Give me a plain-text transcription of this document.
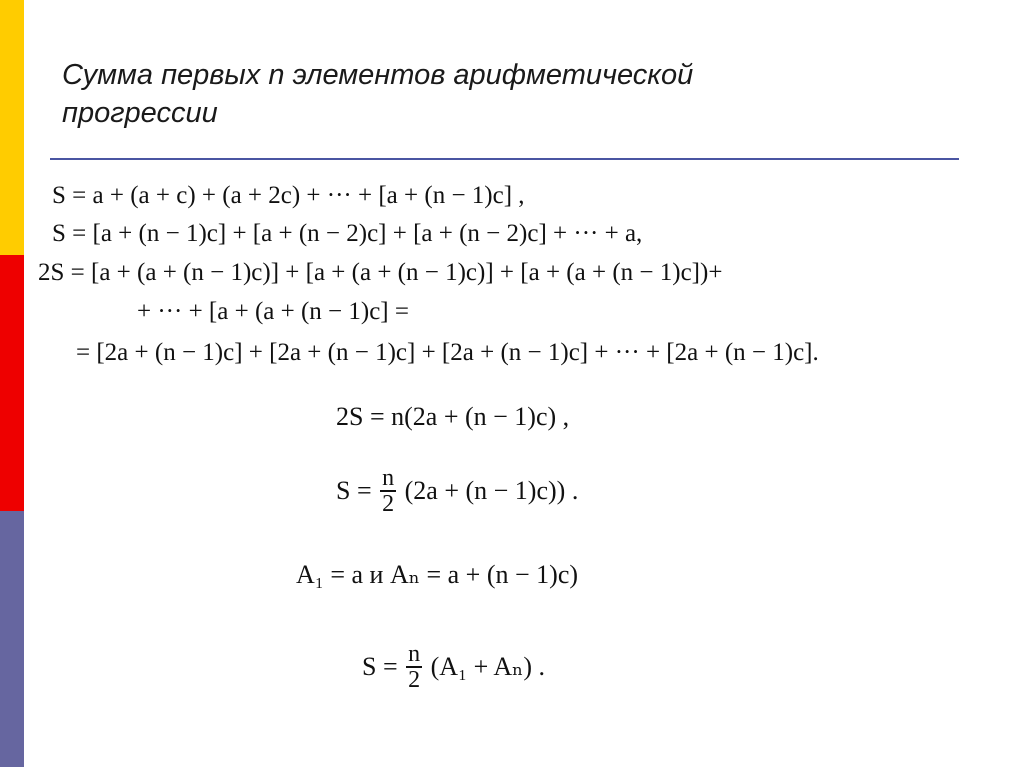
Сумма первых n элементов арифметической
прогрессии
S = a + (a + c) + (a + 2c) + ··· + [a + (n − 1)c] ,
S = [a + (n − 1)c] + [a + (n − 2)c] + [a + (n − 2)c] + ··· + a,
2S = [a + (a + (n − 1)c)] + [a + (a + (n − 1)c)] + [a + (a + (n − 1)c])+
+ ··· + [a + (a + (n − 1)c] =
= [2a + (n − 1)c] + [2a + (n − 1)c] + [2a + (n − 1)c] + ··· + [2a + (n − 1)c].
2S = n(2a + (n − 1)c) ,
$S = \frac{n}{2} (2a + (n - 1)c)$) .
A₁ = a и Aₙ = a + (n − 1)c)
$S = \frac{n}{2} (A_1 + A_n)$ .
